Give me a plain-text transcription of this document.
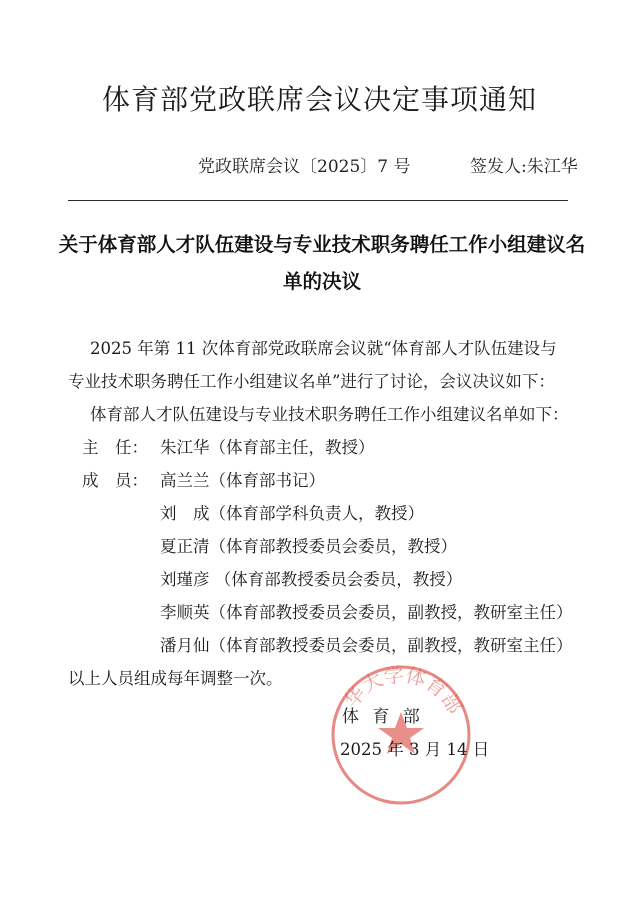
体育部党政联席会议决定事项通知
党政联席会议〔2025〕7 号	签发人:朱江华
关于体育部人才队伍建设与专业技术职务聘任工作小组建议名
单的决议
2025 年第 11 次体育部党政联席会议就“体育部人才队伍建设与
专业技术职务聘任工作小组建议名单”进行了讨论，会议决议如下：
体育部人才队伍建设与专业技术职务聘任工作小组建议名单如下：
主　任： 朱江华（体育部主任，教授）
成　员： 高兰兰（体育部书记）
刘　成（体育部学科负责人，教授）
夏正清（体育部教授委员会委员，教授）
刘瑾彦 （体育部教授委员会委员，教授）
李顺英（体育部教授委员会委员，副教授，教研室主任）
潘月仙（体育部教授委员会委员，副教授，教研室主任）
以上人员组成每年调整一次。
华大学体育部
体 育 部
2025 年 3 月 14 日
